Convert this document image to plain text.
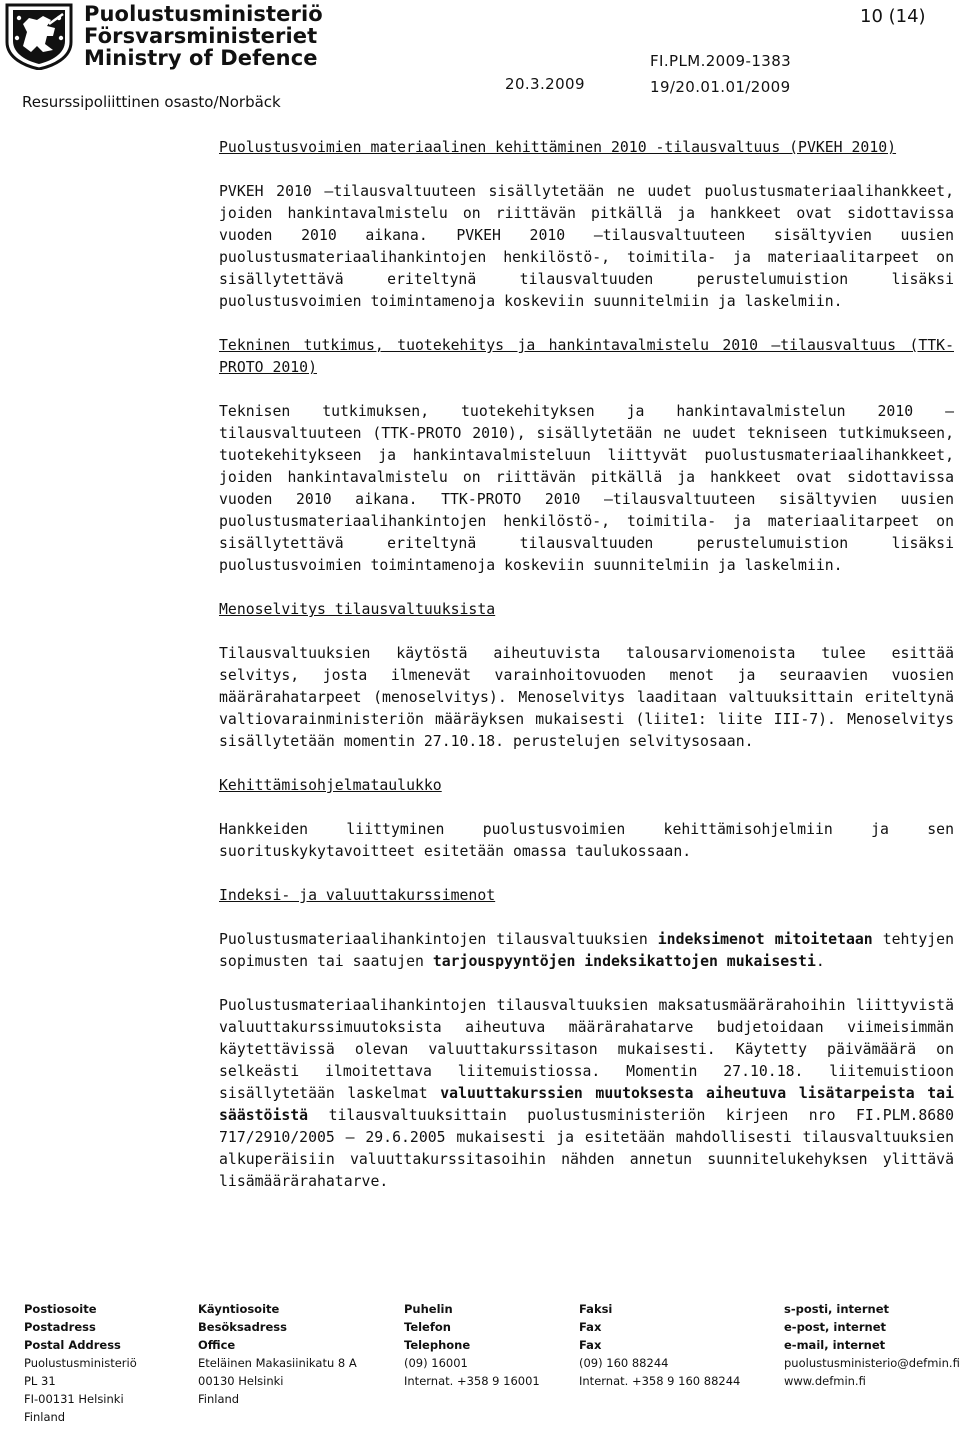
Puolustusministeriö
Försvarsministeriet
Ministry of Defence
Resurssipoliittinen osasto/Norbäck
10 (14)
FI.PLM.2009-1383
19/20.01.01/2009
20.3.2009

Puolustusvoimien materiaalinen kehittäminen 2010 -tilausvaltuus (PVKEH 2010)

PVKEH 2010 –tilausvaltuuteen sisällytetään ne uudet puolustusmateriaalihankkeet, joiden hankintavalmistelu on riittävän pitkällä ja hankkeet ovat sidottavissa vuoden 2010 aikana. PVKEH 2010 –tilausvaltuuteen sisältyvien uusien puolustusmateriaalihankintojen henkilöstö-, toimitila- ja materiaalitarpeet on sisällytettävä eriteltynä tilausvaltuuden perustelumuistion lisäksi puolustusvoimien toimintamenoja koskeviin suunnitelmiin ja laskelmiin.

Tekninen tutkimus, tuotekehitys ja hankintavalmistelu 2010 –tilausvaltuus (TTK-PROTO 2010)

Teknisen tutkimuksen, tuotekehityksen ja hankintavalmistelun 2010 –tilausvaltuuteen (TTK-PROTO 2010), sisällytetään ne uudet tekniseen tutkimukseen, tuotekehitykseen ja hankintavalmisteluun liittyvät puolustusmateriaalihankkeet, joiden hankintavalmistelu on riittävän pitkällä ja hankkeet ovat sidottavissa vuoden 2010 aikana. TTK-PROTO 2010 –tilausvaltuuteen sisältyvien uusien puolustusmateriaalihankintojen henkilöstö-, toimitila- ja materiaalitarpeet on sisällytettävä eriteltynä tilausvaltuuden perustelumuistion lisäksi puolustusvoimien toimintamenoja koskeviin suunnitelmiin ja laskelmiin.

Menoselvitys tilausvaltuuksista

Tilausvaltuuksien käytöstä aiheutuvista talousarviomenoista tulee esittää selvitys, josta ilmenevät varainhoitovuoden menot ja seuraavien vuosien määrärahatarpeet (menoselvitys). Menoselvitys laaditaan valtuuksittain eriteltynä valtiovarainministeriön määräyksen mukaisesti (liite1: liite III-7). Menoselvitys sisällytetään momentin 27.10.18. perustelujen selvitysosaan.

Kehittämisohjelmataulukko

Hankkeiden liittyminen puolustusvoimien kehittämisohjelmiin ja sen suorituskykytavoitteet esitetään omassa taulukossaan.

Indeksi- ja valuuttakurssimenot

Puolustusmateriaalihankintojen tilausvaltuuksien indeksimenot mitoitetaan tehtyjen sopimusten tai saatujen tarjouspyyntöjen indeksikattojen mukaisesti.

Puolustusmateriaalihankintojen tilausvaltuuksien maksatusmäärärahoihin liittyvistä valuuttakurssimuutoksista aiheutuva määrärahatarve budjetoidaan viimeisimmän käytettävissä olevan valuuttakurssitason mukaisesti. Käytetty päivämäärä on selkeästi ilmoitettava liitemuistiossa. Momentin 27.10.18. liitemuistioon sisällytetään laskelmat valuuttakurssien muutoksesta aiheutuva lisätarpeista tai säästöistä tilausvaltuuksittain puolustusministeriön kirjeen nro FI.PLM.8680 717/2910/2005 – 29.6.2005 mukaisesti ja esitetään mahdollisesti tilausvaltuuksien alkuperäisiin valuuttakurssitasoihin nähden annetun suunnitelukehyksen ylittävä lisämäärärahatarve.

Postiosoite
Postadress
Postal Address
Puolustusministeriö
PL 31
FI-00131 Helsinki
Finland
Käyntiosoite
Besöksadress
Office
Eteläinen Makasiinikatu 8 A
00130 Helsinki
Finland
Puhelin
Telefon
Telephone
(09) 16001
Internat. +358 9 16001
Faksi
Fax
Fax
(09) 160 88244
Internat. +358 9 160 88244
s-posti, internet
e-post, internet
e-mail, internet
puolustusministerio@defmin.fi
www.defmin.fi
